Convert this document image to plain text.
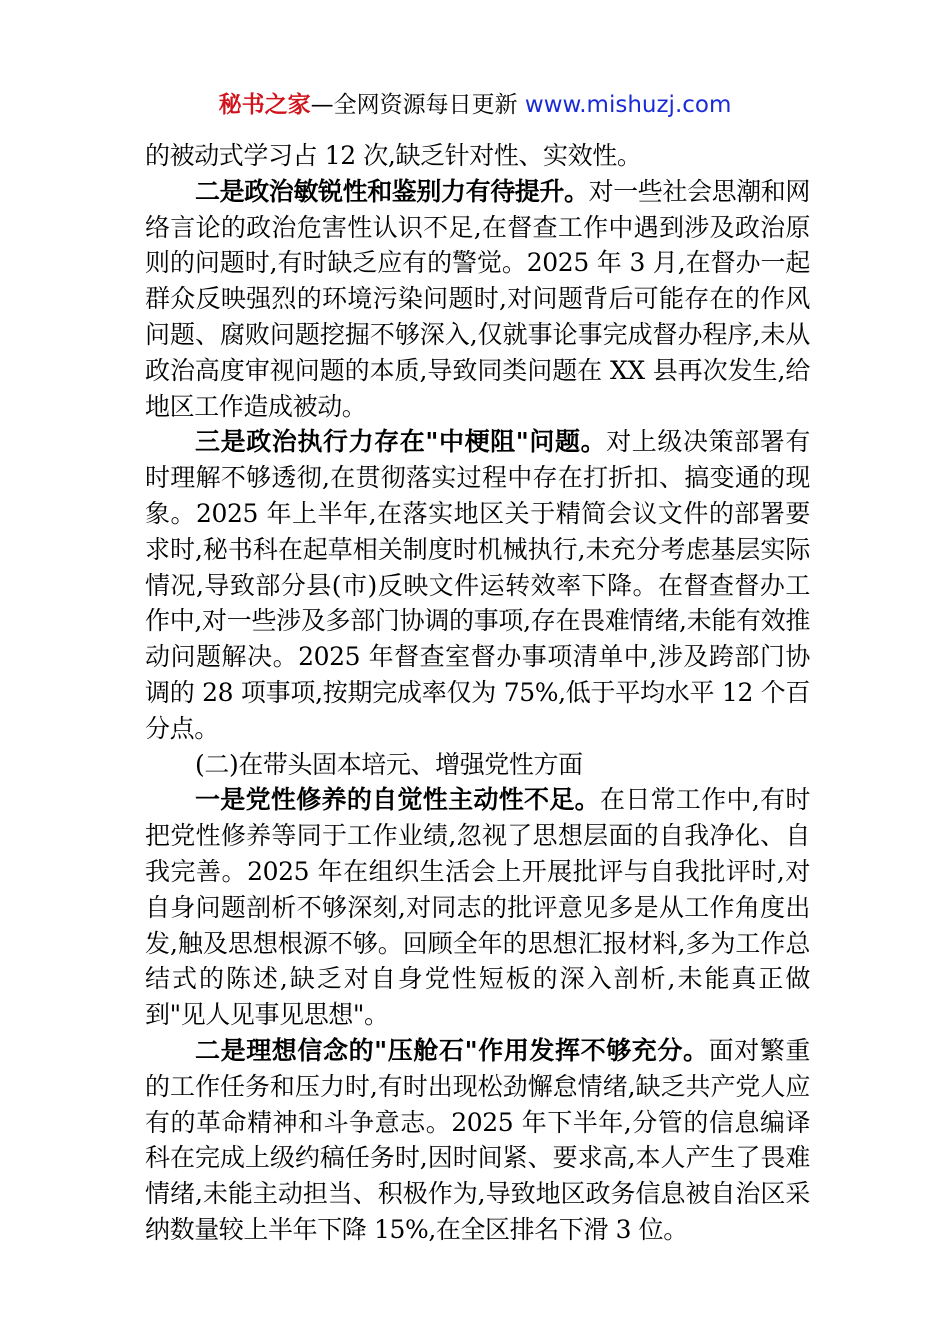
秘书之家—全网资源每日更新 www.mishuzj.com

的被动式学习占 12 次,缺乏针对性、实效性。

二是政治敏锐性和鉴别力有待提升。对一些社会思潮和网络言论的政治危害性认识不足,在督查工作中遇到涉及政治原则的问题时,有时缺乏应有的警觉。2025 年 3 月,在督办一起群众反映强烈的环境污染问题时,对问题背后可能存在的作风问题、腐败问题挖掘不够深入,仅就事论事完成督办程序,未从政治高度审视问题的本质,导致同类问题在 XX 县再次发生,给地区工作造成被动。

三是政治执行力存在"中梗阻"问题。对上级决策部署有时理解不够透彻,在贯彻落实过程中存在打折扣、搞变通的现象。2025 年上半年,在落实地区关于精简会议文件的部署要求时,秘书科在起草相关制度时机械执行,未充分考虑基层实际情况,导致部分县(市)反映文件运转效率下降。在督查督办工作中,对一些涉及多部门协调的事项,存在畏难情绪,未能有效推动问题解决。2025 年督查室督办事项清单中,涉及跨部门协调的 28 项事项,按期完成率仅为 75%,低于平均水平 12 个百分点。

(二)在带头固本培元、增强党性方面

一是党性修养的自觉性主动性不足。在日常工作中,有时把党性修养等同于工作业绩,忽视了思想层面的自我净化、自我完善。2025 年在组织生活会上开展批评与自我批评时,对自身问题剖析不够深刻,对同志的批评意见多是从工作角度出发,触及思想根源不够。回顾全年的思想汇报材料,多为工作总结式的陈述,缺乏对自身党性短板的深入剖析,未能真正做到"见人见事见思想"。

二是理想信念的"压舱石"作用发挥不够充分。面对繁重的工作任务和压力时,有时出现松劲懈怠情绪,缺乏共产党人应有的革命精神和斗争意志。2025 年下半年,分管的信息编译科在完成上级约稿任务时,因时间紧、要求高,本人产生了畏难情绪,未能主动担当、积极作为,导致地区政务信息被自治区采纳数量较上半年下降 15%,在全区排名下滑 3 位。
